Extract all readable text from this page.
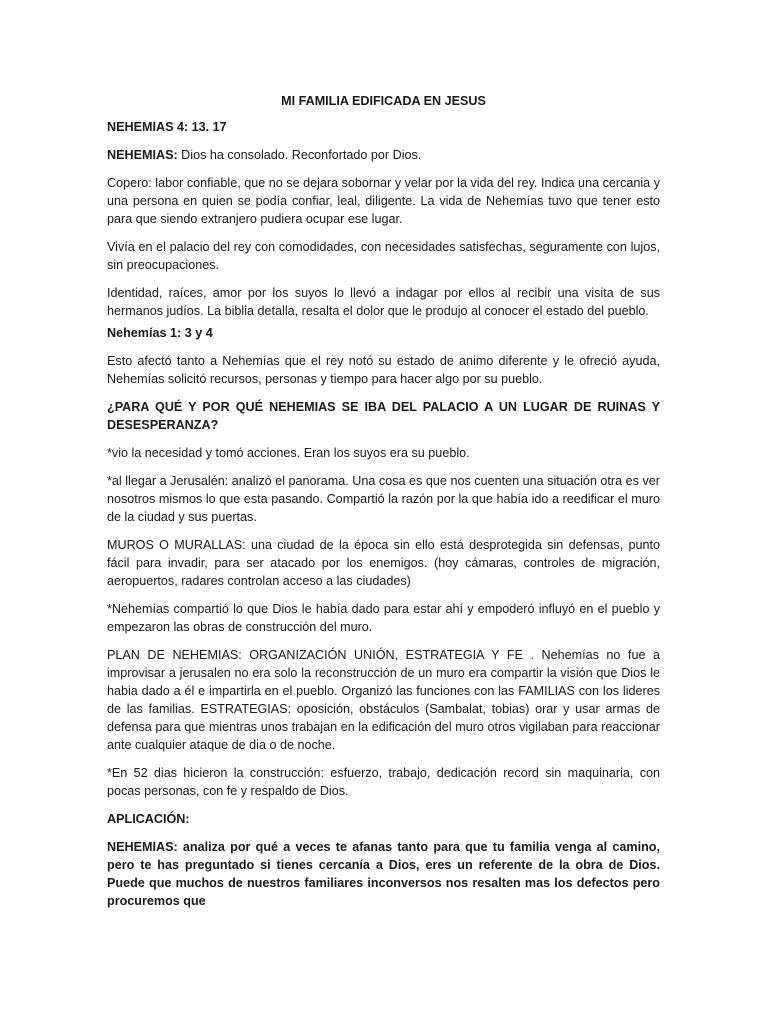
MI FAMILIA EDIFICADA EN JESUS

NEHEMIAS 4: 13. 17

NEHEMIAS: Dios ha consolado. Reconfortado por Dios.

Copero: labor confiable, que no se dejara sobornar y velar por la vida del rey. Indica una cercania y una persona en quien se podía confiar, leal, diligente. La vida de Nehemías tuvo que tener esto para que siendo extranjero pudiera ocupar ese lugar.

Vivía en el palacio del rey con comodidades, con necesidades satisfechas, seguramente con lujos, sin preocupaciones.

Identidad, raíces, amor por los suyos lo llevó a indagar por ellos al recibir una visita de sus hermanos judíos. La biblia detalla, resalta el dolor que le produjo al conocer el estado del pueblo.

Nehemías 1: 3 y 4

Esto afectó tanto a Nehemías que el rey notó su estado de animo diferente y le ofreció ayuda, Nehemías solicitó recursos, personas y tiempo para hacer algo por su pueblo.

¿PARA QUÉ Y POR QUÉ NEHEMIAS SE IBA DEL PALACIO A UN LUGAR DE RUINAS Y DESESPERANZA?

*vio la necesidad y tomó acciones. Eran los suyos era su pueblo.

*al llegar a Jerusalén: analizó el panorama. Una cosa es que nos cuenten una situación otra es ver nosotros mismos lo que esta pasando. Compartió la razón por la que había ido a reedificar el muro de la ciudad y sus puertas.

MUROS O MURALLAS: una ciudad de la época sin ello está desprotegida sin defensas, punto fácil para invadir, para ser atacado por los enemigos. (hoy cámaras, controles de migración, aeropuertos, radares controlan acceso a las ciudades)

*Nehemías compartió lo que Dios le había dado para estar ahí y empoderó influyó en el pueblo y empezaron las obras de construcción del muro.

PLAN DE NEHEMIAS: ORGANIZACIÓN UNIÓN, ESTRATEGIA Y FE . Nehemías no fue a improvisar a jerusalen no era solo la reconstrucción de un muro era compartir la visión que Dios le habia dado a él e impartirla en el pueblo. Organizó las funciones con las FAMILIAS con los lideres de las familias. ESTRATEGIAS: oposición, obstáculos (Sambalat, tobias) orar y usar armas de defensa para que mientras unos trabajan en la edificación del muro otros vigilaban para reaccionar ante cualquier ataque de dia o de noche.

*En 52 dias hicieron la construcción: esfuerzo, trabajo, dedicación record sin maquinaria, con pocas personas, con fe y respaldo de Dios.

APLICACIÓN:

NEHEMIAS: analiza por qué a veces te afanas tanto para que tu familia venga al camino, pero te has preguntado si tienes cercanía a Dios, eres un referente de la obra de Dios. Puede que muchos de nuestros familiares inconversos nos resalten mas los defectos pero procuremos que
